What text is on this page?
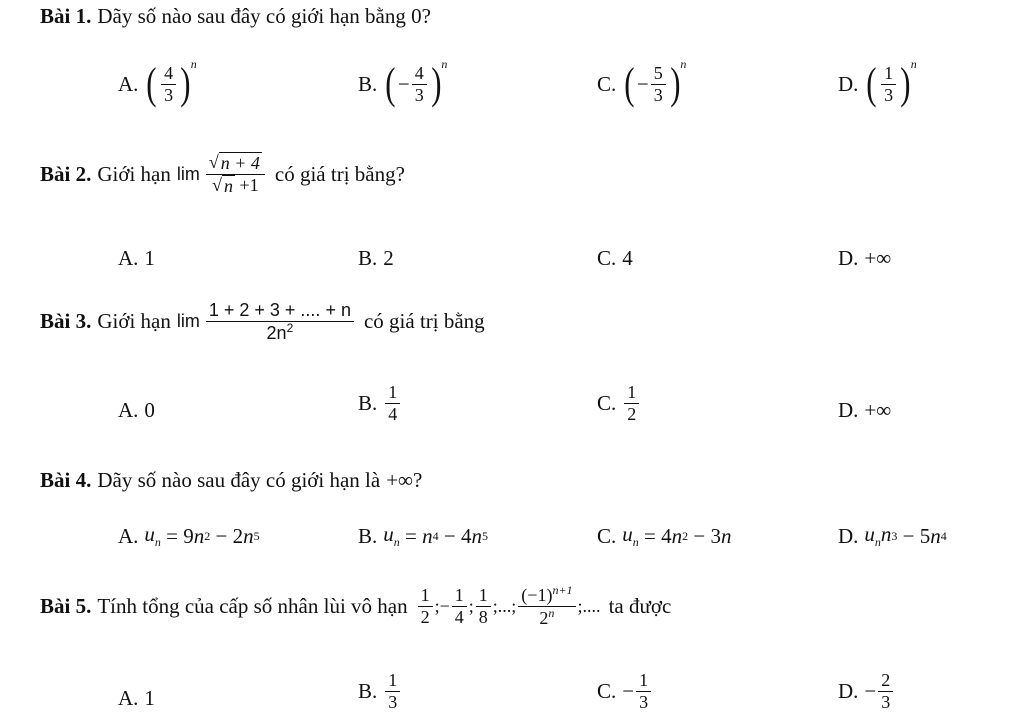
Bài 1. Dãy số nào sau đây có giới hạn bằng 0?
A. ( $\frac{4}{3}$ ) n
B. ( − $\frac{4}{3}$ ) n
C. ( − $\frac{5}{3}$ ) n
D. ( $\frac{1}{3}$ ) n
Bài 2. Giới hạn $\lim \frac{√ n + 4}{√ n +1}$ có giá trị bằng?
A. 1	B. 2	C. 4	D. +∞
Bài 3. Giới hạn $\lim \frac{1 + 2 + 3 + .... + n}{2n^2}$ có giá trị bằng
A. 0	B. $\frac{1}{4}$	C. $\frac{1}{2}$	D. +∞
Bài 4. Dãy số nào sau đây có giới hạn là +∞ ?
A. $u_n = 9$ n 2 − 2 n 5	B. $u_n = n$ 4 − 4 n 5	C. $u_n = 4$ n 2 − 3 n	D. $u_nn$ 3 − 5 n 4
Bài 5. Tính tổng của cấp số nhân lùi vô hạn $\frac{1}{2}$ ;− $\frac{1}{4}$ ; $\frac{1}{8}$ ;...; $\frac{(-1)^{n+1}}{2^n}$ ;.... ta được
A. 1	B. $\frac{1}{3}$	C. − $\frac{1}{3}$	D. − $\frac{2}{3}$
